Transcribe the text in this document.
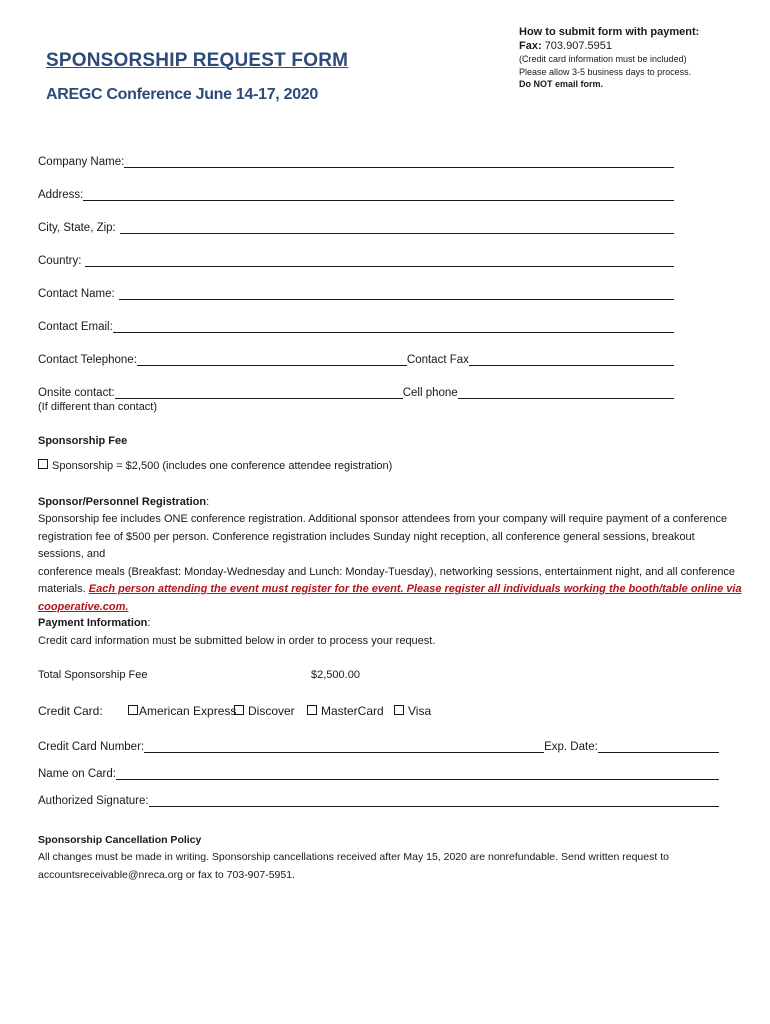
SPONSORSHIP REQUEST FORM
AREGC Conference June 14-17, 2020
How to submit form with payment:
Fax: 703.907.5951
(Credit card information must be included)
Please allow 3-5 business days to process.
Do NOT email form.
Company Name:
Address:
City, State, Zip:
Country:
Contact Name:
Contact Email:
Contact Telephone:	Contact Fax
Onsite contact:	Cell phone
(If different than contact)
Sponsorship Fee
Sponsorship = $2,500 (includes one conference attendee registration)
Sponsor/Personnel Registration:
Sponsorship fee includes ONE conference registration. Additional sponsor attendees from your company will require payment of a conference
registration fee of $500 per person. Conference registration includes Sunday night reception, all conference general sessions, breakout sessions, and
conference meals (Breakfast: Monday-Wednesday and Lunch: Monday-Tuesday), networking sessions, entertainment night, and all conference
materials. Each person attending the event must register for the event. Please register all individuals working the booth/table online via
cooperative.com.
Payment Information:
Credit card information must be submitted below in order to process your request.
Total Sponsorship Fee	$2,500.00
Credit Card:	American Express Discover	MasterCard	Visa
Credit Card Number:	Exp. Date:
Name on Card:
Authorized Signature:
Sponsorship Cancellation Policy
All changes must be made in writing. Sponsorship cancellations received after May 15, 2020 are nonrefundable. Send written request to
accountsreceivable@nreca.org or fax to 703-907-5951.
